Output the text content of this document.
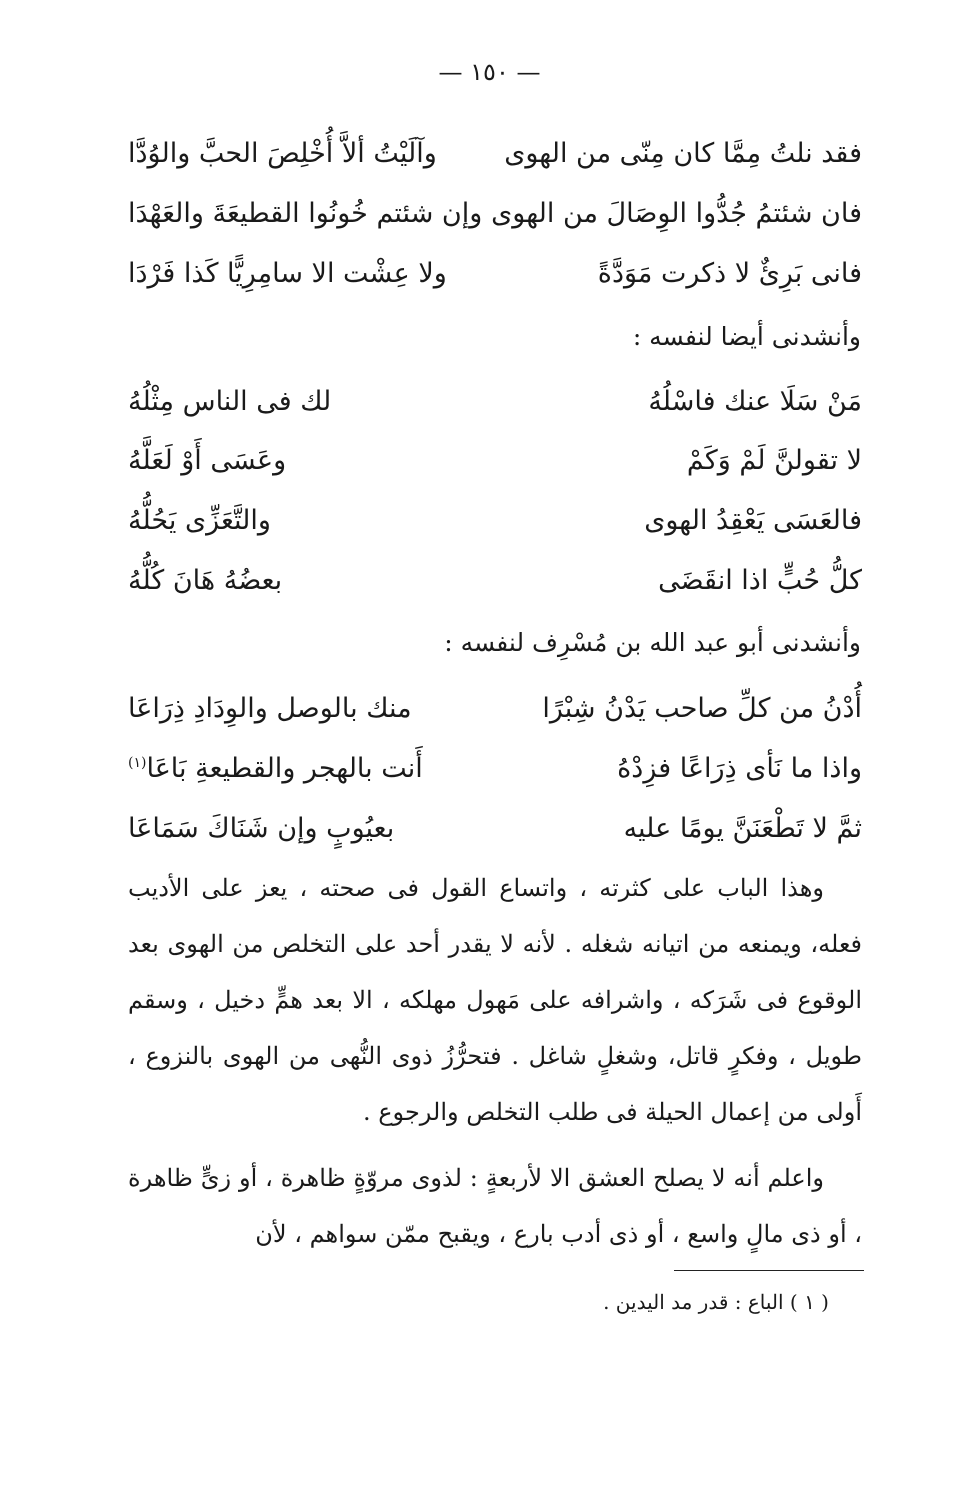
— ١٥٠ —
فقد نلتُ مِمَّا كان مِنّى من الهوى
وآلَيْتُ ألاَّ أُخْلِصَ الحبَّ والوُدَّا
فان شئتمُ جُدُّوا الوِصَالَ من الهوى
وإن شئتم خُونُوا القطيعَةَ والعَهْدَا
فانى بَرِئٌ لا ذكرت مَوَدَّةً
ولا عِشْت الا سامِرِيًّا كَذا فَرْدَا
وأنشدنى أيضا لنفسه :
مَنْ سَلَا عنك فاسْلُهُ
لك فى الناس مِثْلُهُ
لا تقولنَّ لَمْ وَكَمْ
وعَسَى أَوْ لَعَلَّهُ
فالعَسَى يَعْقِدُ الهوى
والتَّعَزِّى يَحُلُّهُ
كلُّ حُبٍّ اذا انقَضَى
بعضُهُ هَانَ كُلُّهُ
وأنشدنى أبو عبد الله بن مُسْرِف لنفسه :
أُدْنُ من كلِّ صاحب يَدْنُ شِبْرًا
منك بالوصل والوِدَادِ ذِرَاعَا
واذا ما نَأى ذِرَاعًا فزِدْهُ
أَنت بالهجر والقطيعةِ بَاعَا$^{(١)}$
ثمَّ لا تَطْعَنَنَّ يومًا عليه
بعيُوبٍ وإن شَنَاكَ سَمَاعَا

وهذا الباب على كثرته ، واتساع القول فى صحته ، يعز على الأديب فعله، ويمنعه من اتيانه شغله . لأنه لا يقدر أحد على التخلص من الهوى بعد الوقوع فى شَرَكه ، واشرافه على مَهول مهلكه ، الا بعد همٍّ دخيل ، وسقم طويل ، وفكرٍ قاتل، وشغلٍ شاغل . فتحرُّزُ ذوى النُّهى من الهوى بالنزوع ، أَولى من إعمال الحيلة فى طلب التخلص والرجوع .

واعلم أنه لا يصلح العشق الا لأربعةٍ : لذوى مروّةٍ ظاهرة ، أو زىٍّ ظاهرة ، أو ذى مالٍ واسع ، أو ذى أدب بارع ، ويقبح ممّن سواهم ، لأن

( ١ ) الباع : قدر مد اليدين .
